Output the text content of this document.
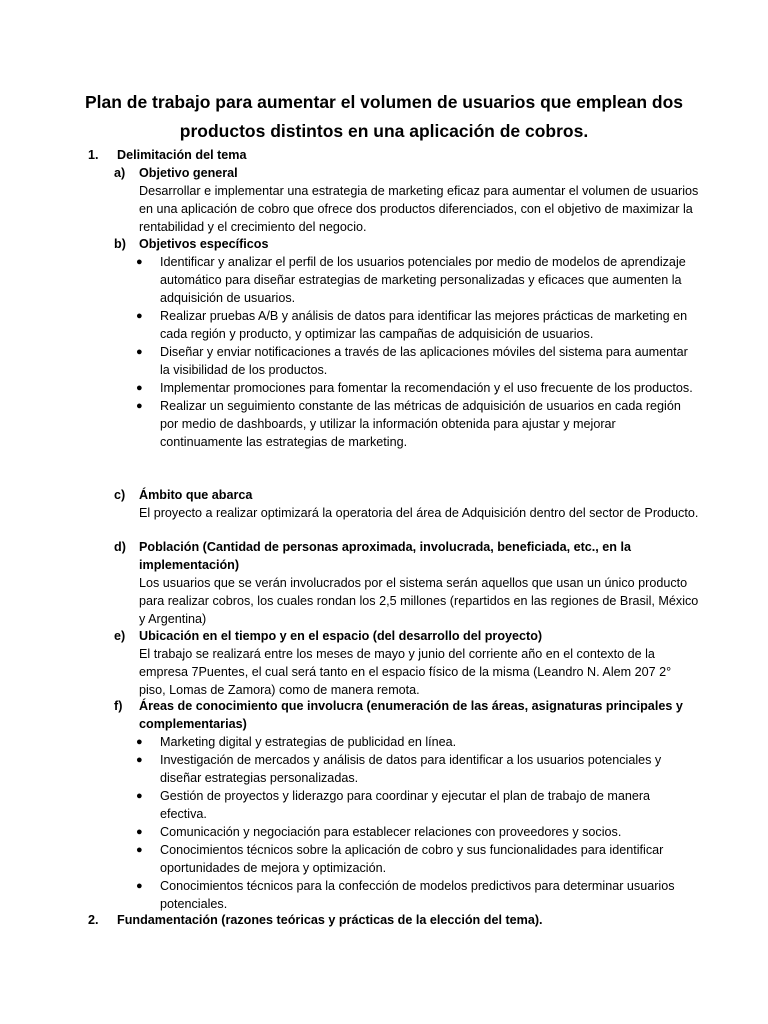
Plan de trabajo para aumentar el volumen de usuarios que emplean dos productos distintos en una aplicación de cobros.
1.	Delimitación del tema
a)	Objetivo general
Desarrollar e implementar una estrategia de marketing eficaz para aumentar el volumen de usuarios en una aplicación de cobro que ofrece dos productos diferenciados, con el objetivo de maximizar la rentabilidad y el crecimiento del negocio.
b)	Objetivos específicos
● Identificar y analizar el perfil de los usuarios potenciales por medio de modelos de aprendizaje automático para diseñar estrategias de marketing personalizadas y eficaces que aumenten la adquisición de usuarios.
● Realizar pruebas A/B y análisis de datos para identificar las mejores prácticas de marketing en cada región y producto, y optimizar las campañas de adquisición de usuarios.
● Diseñar y enviar notificaciones a través de las aplicaciones móviles del sistema para aumentar la visibilidad de los productos.
● Implementar promociones para fomentar la recomendación y el uso frecuente de los productos.
● Realizar un seguimiento constante de las métricas de adquisición de usuarios en cada región por medio de dashboards, y utilizar la información obtenida para ajustar y mejorar continuamente las estrategias de marketing.
c)	Ámbito que abarca
El proyecto a realizar optimizará la operatoria del área de Adquisición dentro del sector de Producto.
d)	Población (Cantidad de personas aproximada, involucrada, beneficiada, etc., en la implementación)
Los usuarios que se verán involucrados por el sistema serán aquellos que usan un único producto para realizar cobros, los cuales rondan los 2,5 millones (repartidos en las regiones de Brasil, México y Argentina)
e)	Ubicación en el tiempo y en el espacio (del desarrollo del proyecto)
El trabajo se realizará entre los meses de mayo y junio del corriente año en el contexto de la empresa 7Puentes, el cual será tanto en el espacio físico de la misma (Leandro N. Alem 207 2° piso, Lomas de Zamora) como de manera remota.
f)	Áreas de conocimiento que involucra (enumeración de las áreas, asignaturas principales y complementarias)
● Marketing digital y estrategias de publicidad en línea.
● Investigación de mercados y análisis de datos para identificar a los usuarios potenciales y diseñar estrategias personalizadas.
● Gestión de proyectos y liderazgo para coordinar y ejecutar el plan de trabajo de manera efectiva.
● Comunicación y negociación para establecer relaciones con proveedores y socios.
● Conocimientos técnicos sobre la aplicación de cobro y sus funcionalidades para identificar oportunidades de mejora y optimización.
● Conocimientos técnicos para la confección de modelos predictivos para determinar usuarios potenciales.
2.	Fundamentación (razones teóricas y prácticas de la elección del tema).
